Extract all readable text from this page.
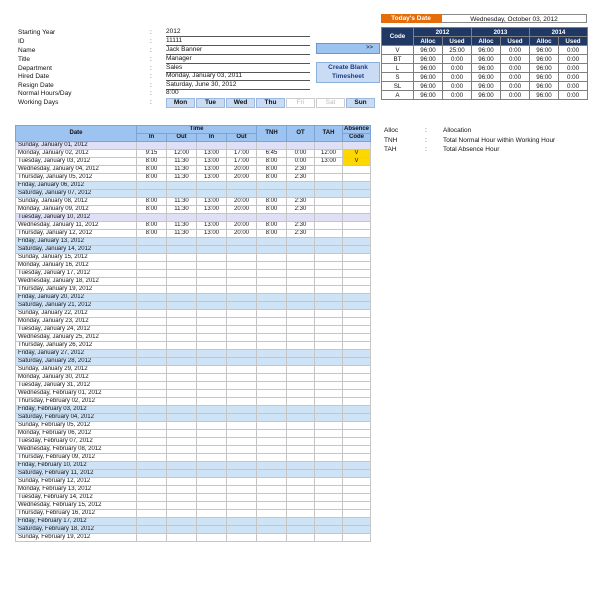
Starting Year	: 2012
ID	: 11111
Name	: Jack Banner
Title	: Manager
Department	: Sales
Hired Date	: Monday, January 03, 2011
Resign Date	: Saturday, June 30, 2012
Normal Hours/Day	: 8:00
Working Days	:
>>
Create Blank
Timesheet
Mon	Tue	Wed	Thu	Fri	Sat	Sun
Today's Date	Wednesday, October 03, 2012
Code	2012		2013		2014	
	Alloc	Used	Alloc	Used	Alloc	Used
V	96:00	25:00	96:00	0:00	96:00	0:00
BT	96:00	0:00	96:00	0:00	96:00	0:00
L	96:00	0:00	96:00	0:00	96:00	0:00
S	96:00	0:00	96:00	0:00	96:00	0:00
SL	96:00	0:00	96:00	0:00	96:00	0:00
A	96:00	0:00	96:00	0:00	96:00	0:00
Alloc	: Allocation
TNH	: Total Normal Hour within Working Hour
TAH	: Total Absence Hour
Date	Time				TNH	OT	TAH	Absence
	In	Out	In	Out				Code
Sunday, January 01, 2012								
Monday, January 02, 2012	9:15	12:00	13:00	17:00	6:45	0:00	12:00	V
Tuesday, January 03, 2012	8:00	11:30	13:00	17:00	8:00	0:00	13:00	V
Wednesday, January 04, 2012	8:00	11:30	13:00	20:00	8:00	2:30		
Thursday, January 05, 2012	8:00	11:30	13:00	20:00	8:00	2:30		
Friday, January 06, 2012								
Saturday, January 07, 2012								
Sunday, January 08, 2012	8:00	11:30	13:00	20:00	8:00	2:30		
Monday, January 09, 2012	8:00	11:30	13:00	20:00	8:00	2:30		
Tuesday, January 10, 2012								
Wednesday, January 11, 2012	8:00	11:30	13:00	20:00	8:00	2:30		
Thursday, January 12, 2012	8:00	11:30	13:00	20:00	8:00	2:30		
Friday, January 13, 2012								
Saturday, January 14, 2012								
Sunday, January 15, 2012								
Monday, January 16, 2012								
Tuesday, January 17, 2012								
Wednesday, January 18, 2012								
Thursday, January 19, 2012								
Friday, January 20, 2012								
Saturday, January 21, 2012								
Sunday, January 22, 2012								
Monday, January 23, 2012								
Tuesday, January 24, 2012								
Wednesday, January 25, 2012								
Thursday, January 26, 2012								
Friday, January 27, 2012								
Saturday, January 28, 2012								
Sunday, January 29, 2012								
Monday, January 30, 2012								
Tuesday, January 31, 2012								
Wednesday, February 01, 2012								
Thursday, February 02, 2012								
Friday, February 03, 2012								
Saturday, February 04, 2012								
Sunday, February 05, 2012								
Monday, February 06, 2012								
Tuesday, February 07, 2012								
Wednesday, February 08, 2012								
Thursday, February 09, 2012								
Friday, February 10, 2012								
Saturday, February 11, 2012								
Sunday, February 12, 2012								
Monday, February 13, 2012								
Tuesday, February 14, 2012								
Wednesday, February 15, 2012								
Thursday, February 16, 2012								
Friday, February 17, 2012								
Saturday, February 18, 2012								
Sunday, February 19, 2012								
